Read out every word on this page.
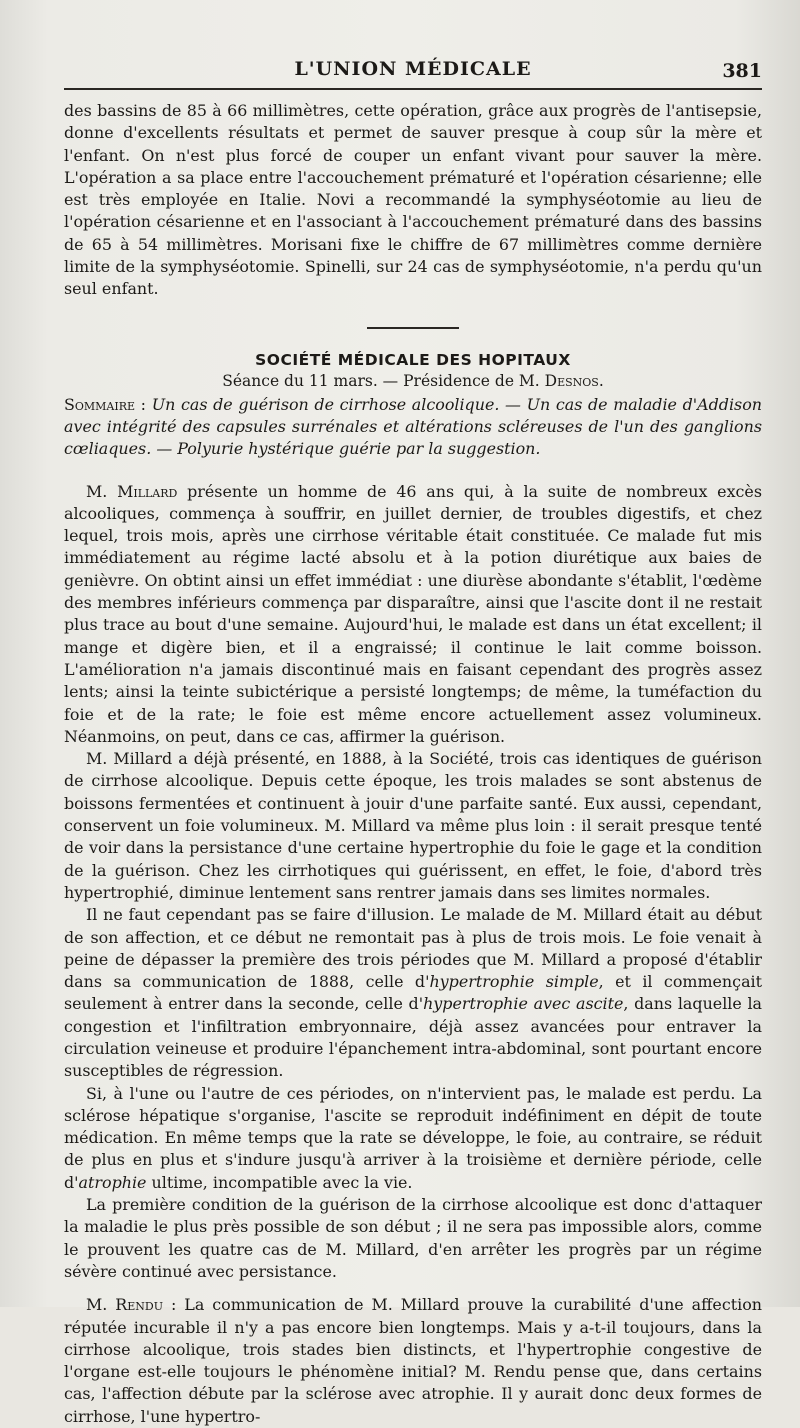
L'UNION MÉDICALE	381

des bassins de 85 à 66 millimètres, cette opération, grâce aux progrès de l'antisepsie, donne d'excellents résultats et permet de sauver presque à coup sûr la mère et l'enfant. On n'est plus forcé de couper un enfant vivant pour sauver la mère. L'opération a sa place entre l'accouchement prématuré et l'opération césarienne; elle est très employée en Italie. Novi a recommandé la symphyséotomie au lieu de l'opération césarienne et en l'associant à l'accouchement prématuré dans des bassins de 65 à 54 millimètres. Morisani fixe le chiffre de 67 millimètres comme dernière limite de la symphyséotomie. Spinelli, sur 24 cas de symphyséotomie, n'a perdu qu'un seul enfant.

SOCIÉTÉ MÉDICALE DES HOPITAUX
Séance du 11 mars. — Présidence de M. Desnos.

Sommaire : Un cas de guérison de cirrhose alcoolique. — Un cas de maladie d'Addison avec intégrité des capsules surrénales et altérations scléreuses de l'un des ganglions cœliaques. — Polyurie hystérique guérie par la suggestion.

M. Millard présente un homme de 46 ans qui, à la suite de nombreux excès alcooliques, commença à souffrir, en juillet dernier, de troubles digestifs, et chez lequel, trois mois, après une cirrhose véritable était constituée. Ce malade fut mis immédiatement au régime lacté absolu et à la potion diurétique aux baies de genièvre. On obtint ainsi un effet immédiat : une diurèse abondante s'établit, l'œdème des membres inférieurs commença par disparaître, ainsi que l'ascite dont il ne restait plus trace au bout d'une semaine. Aujourd'hui, le malade est dans un état excellent; il mange et digère bien, et il a engraissé; il continue le lait comme boisson. L'amélioration n'a jamais discontinué mais en faisant cependant des progrès assez lents; ainsi la teinte subictérique a persisté longtemps; de même, la tuméfaction du foie et de la rate; le foie est même encore actuellement assez volumineux. Néanmoins, on peut, dans ce cas, affirmer la guérison.

M. Millard a déjà présenté, en 1888, à la Société, trois cas identiques de guérison de cirrhose alcoolique. Depuis cette époque, les trois malades se sont abstenus de boissons fermentées et continuent à jouir d'une parfaite santé. Eux aussi, cependant, conservent un foie volumineux. M. Millard va même plus loin : il serait presque tenté de voir dans la persistance d'une certaine hypertrophie du foie le gage et la condition de la guérison. Chez les cirrhotiques qui guérissent, en effet, le foie, d'abord très hypertrophié, diminue lentement sans rentrer jamais dans ses limites normales.

Il ne faut cependant pas se faire d'illusion. Le malade de M. Millard était au début de son affection, et ce début ne remontait pas à plus de trois mois. Le foie venait à peine de dépasser la première des trois périodes que M. Millard a proposé d'établir dans sa communication de 1888, celle d'hypertrophie simple, et il commençait seulement à entrer dans la seconde, celle d'hypertrophie avec ascite, dans laquelle la congestion et l'infiltration embryonnaire, déjà assez avancées pour entraver la circulation veineuse et produire l'épanchement intra-abdominal, sont pourtant encore susceptibles de régression.

Si, à l'une ou l'autre de ces périodes, on n'intervient pas, le malade est perdu. La sclérose hépatique s'organise, l'ascite se reproduit indéfiniment en dépit de toute médication. En même temps que la rate se développe, le foie, au contraire, se réduit de plus en plus et s'indure jusqu'à arriver à la troisième et dernière période, celle d'atrophie ultime, incompatible avec la vie.

La première condition de la guérison de la cirrhose alcoolique est donc d'attaquer la maladie le plus près possible de son début ; il ne sera pas impossible alors, comme le prouvent les quatre cas de M. Millard, d'en arrêter les progrès par un régime sévère continué avec persistance.

M. Rendu : La communication de M. Millard prouve la curabilité d'une affection réputée incurable il n'y a pas encore bien longtemps. Mais y a-t-il toujours, dans la cirrhose alcoolique, trois stades bien distincts, et l'hypertrophie congestive de l'organe est-elle toujours le phénomène initial? M. Rendu pense que, dans certains cas, l'affection débute par la sclérose avec atrophie. Il y aurait donc deux formes de cirrhose, l'une hypertro-
